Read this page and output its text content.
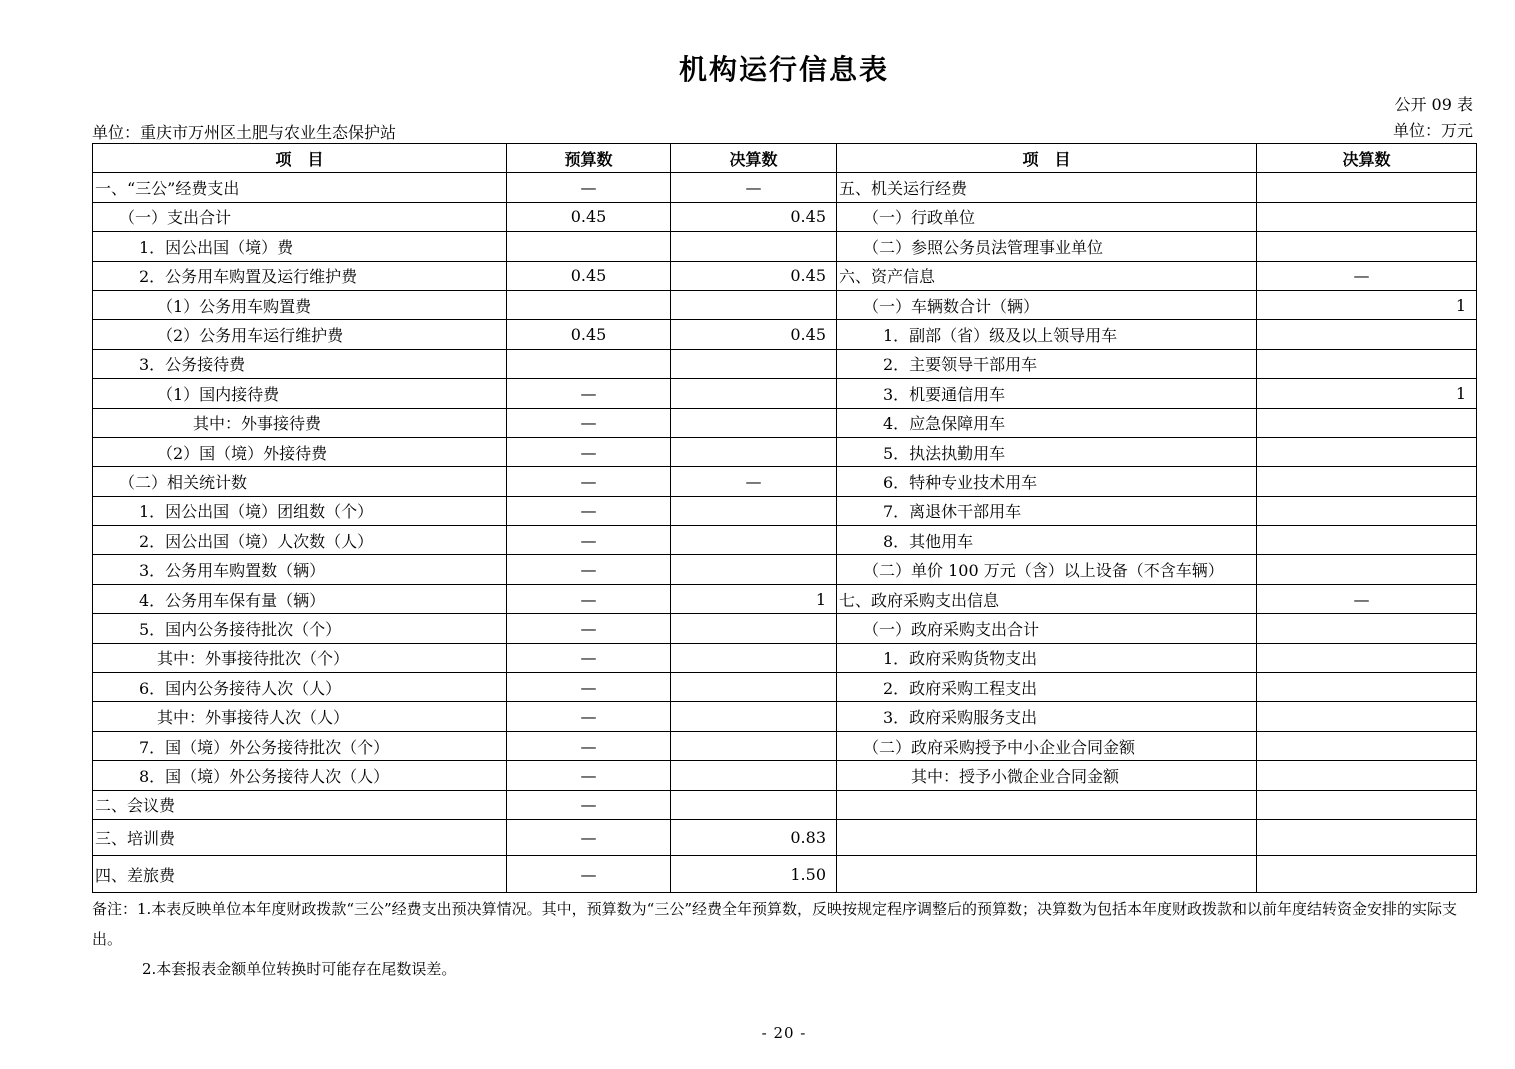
机构运行信息表
公开 09 表
单位：重庆市万州区土肥与农业生态保护站	单位：万元
项　目	预算数	决算数	项　目	决算数
一、“三公”经费支出	—	—	五、机关运行经费	
（一）支出合计	0.45	0.45	（一）行政单位	
1．因公出国（境）费			（二）参照公务员法管理事业单位	
2．公务用车购置及运行维护费	0.45	0.45	六、资产信息	—
（1）公务用车购置费			（一）车辆数合计（辆）	1
（2）公务用车运行维护费	0.45	0.45	1．副部（省）级及以上领导用车	
3．公务接待费			2．主要领导干部用车	
（1）国内接待费	—		3．机要通信用车	1
其中：外事接待费	—		4．应急保障用车	
（2）国（境）外接待费	—		5．执法执勤用车	
（二）相关统计数	—	—	6．特种专业技术用车	
1．因公出国（境）团组数（个）	—		7．离退休干部用车	
2．因公出国（境）人次数（人）	—		8．其他用车	
3．公务用车购置数（辆）	—		（二）单价 100 万元（含）以上设备（不含车辆）	
4．公务用车保有量（辆）	—	1	七、政府采购支出信息	—
5．国内公务接待批次（个）	—		（一）政府采购支出合计	
其中：外事接待批次（个）	—		1．政府采购货物支出	
6．国内公务接待人次（人）	—		2．政府采购工程支出	
其中：外事接待人次（人）	—		3．政府采购服务支出	
7．国（境）外公务接待批次（个）	—		（二）政府采购授予中小企业合同金额	
8．国（境）外公务接待人次（人）	—		其中：授予小微企业合同金额	
二、会议费	—			
三、培训费	—	0.83		
四、差旅费	—	1.50		
备注：1.本表反映单位本年度财政拨款“三公”经费支出预决算情况。其中，预算数为“三公”经费全年预算数，反映按规定程序调整后的预算数；决算数为包括本年度财政拨款和以前年度结转资金安排的实际支出。
2.本套报表金额单位转换时可能存在尾数误差。
- 20 -
